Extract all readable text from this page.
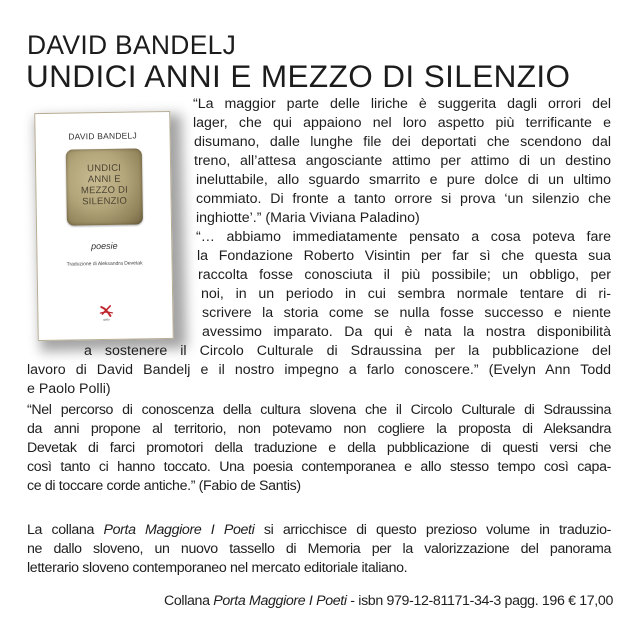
DAVID BANDELJ
UNDICI ANNI E MEZZO DI SILENZIO
DAVID BANDELJ
UNDICI
ANNI E
MEZZO DI
SILENZIO
poesie
Traduzione di Aleksandra Devetak
gallo
“La maggior parte delle liriche è suggerita dagli orrori del
lager, che qui appaiono nel loro aspetto più terrificante e
disumano, dalle lunghe file dei deportati che scendono dal
treno, all’attesa angosciante attimo per attimo di un destino
ineluttabile, allo sguardo smarrito e pure dolce di un ultimo
commiato. Di fronte a tanto orrore si prova ‘un silenzio che
inghiotte’.” (Maria Viviana Paladino)
“… abbiamo immediatamente pensato a cosa poteva fare
la Fondazione Roberto Visintin per far sì che questa sua
raccolta fosse conosciuta il più possibile; un obbligo, per
noi, in un periodo in cui sembra normale tentare di ri-
scrivere la storia come se nulla fosse successo e niente
avessimo imparato. Da qui è nata la nostra disponibilità
a sostenere il Circolo Culturale di Sdraussina per la pubblicazione del
lavoro di David Bandelj e il nostro impegno a farlo conoscere.” (Evelyn Ann Todd
e Paolo Polli)
“Nel percorso di conoscenza della cultura slovena che il Circolo Culturale di Sdraussina
da anni propone al territorio, non potevamo non cogliere la proposta di Aleksandra
Devetak di farci promotori della traduzione e della pubblicazione di questi versi che
così tanto ci hanno toccato. Una poesia contemporanea e allo stesso tempo così capa-
ce di toccare corde antiche.” (Fabio de Santis)
La collana Porta Maggiore I Poeti si arricchisce di questo prezioso volume in traduzio-
ne dallo sloveno, un nuovo tassello di Memoria per la valorizzazione del panorama
letterario sloveno contemporaneo nel mercato editoriale italiano.
Collana Porta Maggiore I Poeti - isbn 979-12-81171-34-3 pagg. 196 € 17,00
